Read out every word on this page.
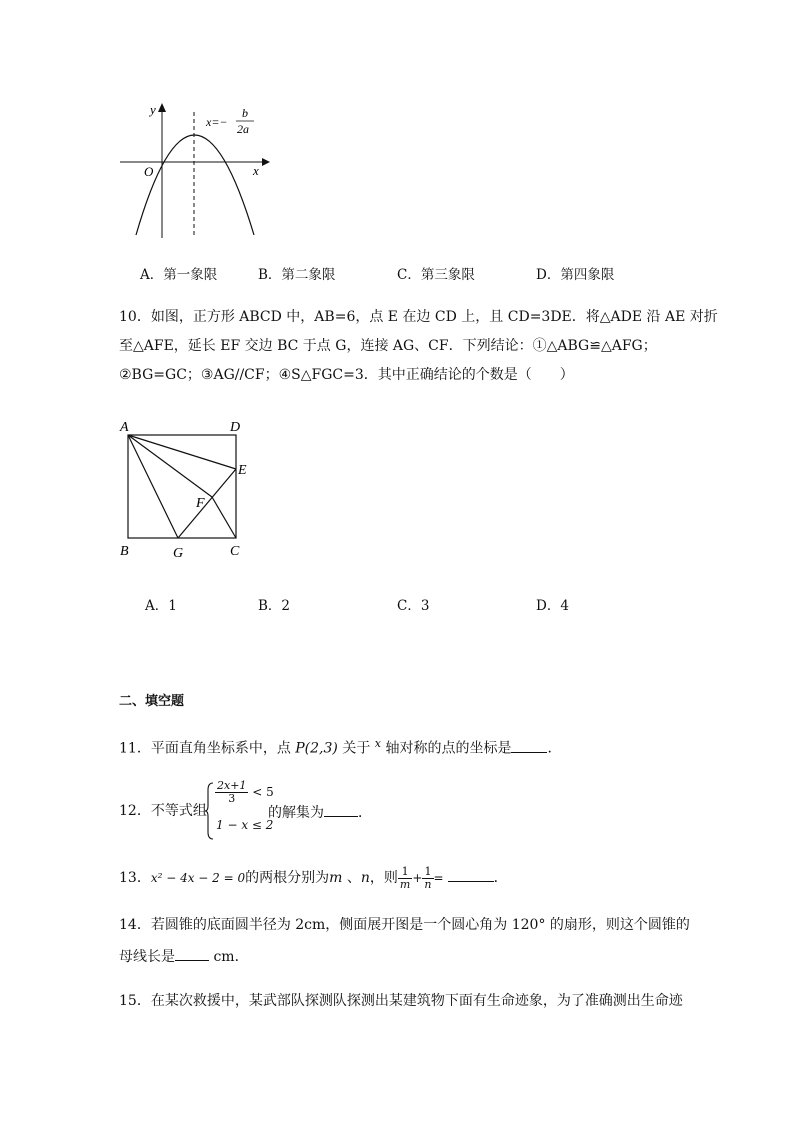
y
x
O
x=−
b
2a
A．第一象限	B．第二象限	C．第三象限	D．第四象限
10．如图，正方形 ABCD 中，AB=6，点 E 在边 CD 上，且 CD=3DE．将△ADE 沿 AE 对折
至△AFE，延长 EF 交边 BC 于点 G，连接 AG、CF．下列结论：①△ABG≌△AFG；
②BG=GC；③AG//CF；④S△FGC=3．其中正确结论的个数是（　　）
A	D
E
F
B	G	C
A．1	B．2	C．3	D．4
二、填空题
11．平面直角坐标系中，点 P(2,3) 关于 $^x$ 轴对称的点的坐标是	．
12．不等式组
$\frac{2x+1}{3} < 5$
1 − x ≤ 2
的解集为 ．
13．x² − 4x − 2 = 0的两根分别为m 、n，则 $\frac{1}{m} + \frac{1}{n}$ =	．
14．若圆锥的底面圆半径为 2cm，侧面展开图是一个圆心角为 120° 的扇形，则这个圆锥的
母线长是 cm．
15．在某次救援中，某武部队探测队探测出某建筑物下面有生命迹象，为了准确测出生命迹
